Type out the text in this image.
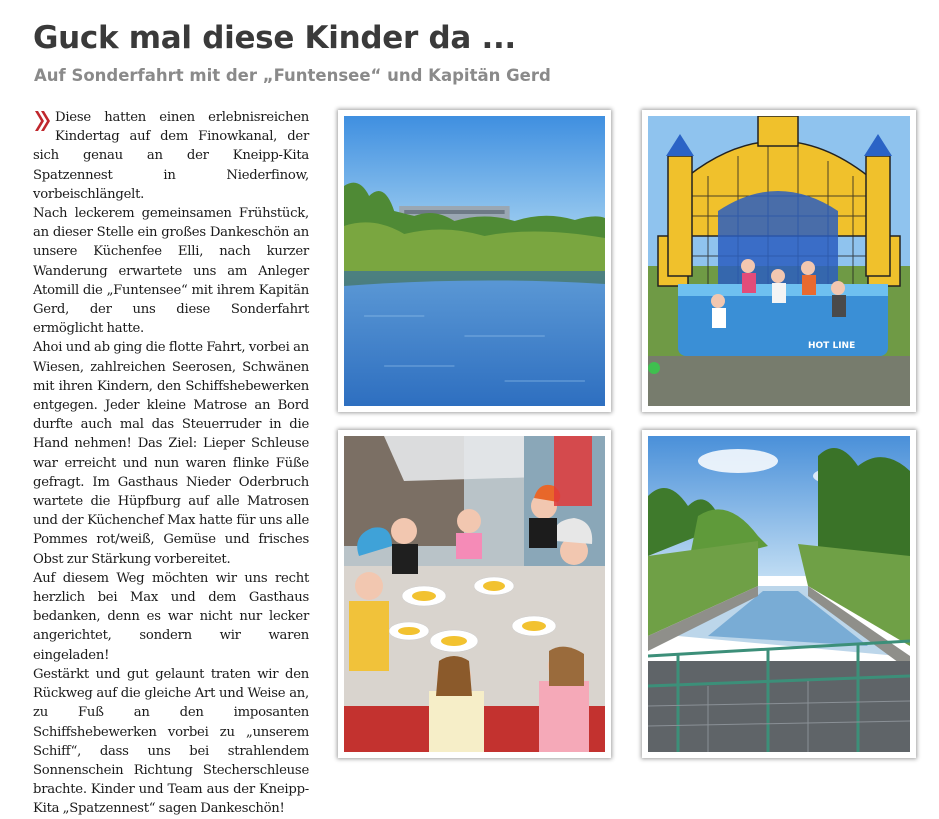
Guck mal diese Kinder da ...
Auf Sonderfahrt mit der „Funtensee“ und Kapitän Gerd

Diese hatten einen erlebnisreichen Kindertag auf dem Finowkanal, der sich genau an der Kneipp-Kita Spatzennest in Niederfinow, vorbeischlängelt.

Nach leckerem gemeinsamen Frühstück, an dieser Stelle ein großes Dankeschön an unsere Küchenfee Elli, nach kurzer Wanderung erwartete uns am Anleger Atomill die „Funtensee“ mit ihrem Kapitän Gerd, der uns diese Sonderfahrt ermöglicht hatte.

Ahoi und ab ging die flotte Fahrt, vorbei an Wiesen, zahlreichen Seerosen, Schwänen mit ihren Kindern, den Schiffshebewerken entgegen. Jeder kleine Matrose an Bord durfte auch mal das Steuerruder in die Hand nehmen! Das Ziel: Lieper Schleuse war erreicht und nun waren flinke Füße gefragt. Im Gasthaus Nieder Oderbruch wartete die Hüpfburg auf alle Matrosen und der Küchenchef Max hatte für uns alle Pommes rot/weiß, Gemüse und frisches Obst zur Stärkung vorbereitet.

Auf diesem Weg möchten wir uns recht herzlich bei Max und dem Gasthaus bedanken, denn es war nicht nur lecker angerichtet, sondern wir waren eingeladen!

Gestärkt und gut gelaunt traten wir den Rückweg auf die gleiche Art und Weise an, zu Fuß an den imposanten Schiffshebewerken vorbei zu „unserem Schiff“, dass uns bei strahlendem Sonnenschein Richtung Stecherschleuse brachte. Kinder und Team aus der Kneipp-Kita „Spatzennest“ sagen Dankeschön!

HOT LINE
